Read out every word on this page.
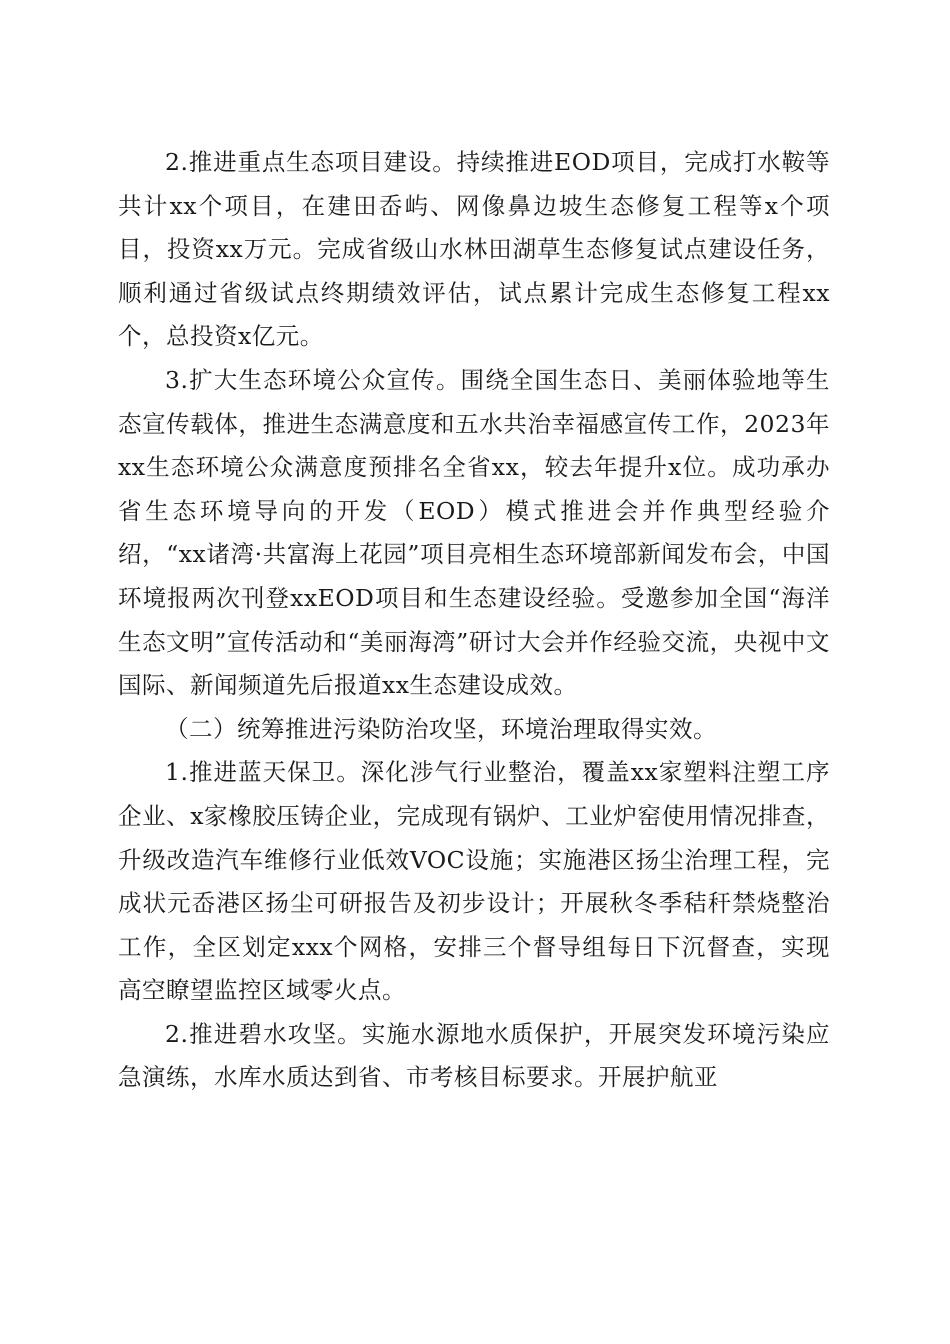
2.推进重点生态项目建设。持续推进EOD项目，完成打水鞍等共计xx个项目，在建田岙屿、网像鼻边坡生态修复工程等x个项目，投资xx万元。完成省级山水林田湖草生态修复试点建设任务，顺利通过省级试点终期绩效评估，试点累计完成生态修复工程xx个，总投资x亿元。

3.扩大生态环境公众宣传。围绕全国生态日、美丽体验地等生态宣传载体，推进生态满意度和五水共治幸福感宣传工作，2023年xx生态环境公众满意度预排名全省xx，较去年提升x位。成功承办省生态环境导向的开发（EOD）模式推进会并作典型经验介绍，“xx诸湾·共富海上花园”项目亮相生态环境部新闻发布会，中国环境报两次刊登xxEOD项目和生态建设经验。受邀参加全国“海洋生态文明”宣传活动和“美丽海湾”研讨大会并作经验交流，央视中文国际、新闻频道先后报道xx生态建设成效。

（二）统筹推进污染防治攻坚，环境治理取得实效。

1.推进蓝天保卫。深化涉气行业整治，覆盖xx家塑料注塑工序企业、x家橡胶压铸企业，完成现有锅炉、工业炉窑使用情况排查，升级改造汽车维修行业低效VOC设施；实施港区扬尘治理工程，完成状元岙港区扬尘可研报告及初步设计；开展秋冬季秸秆禁烧整治工作，全区划定xxx个网格，安排三个督导组每日下沉督查，实现高空瞭望监控区域零火点。

2.推进碧水攻坚。实施水源地水质保护，开展突发环境污染应急演练，水库水质达到省、市考核目标要求。开展护航亚
